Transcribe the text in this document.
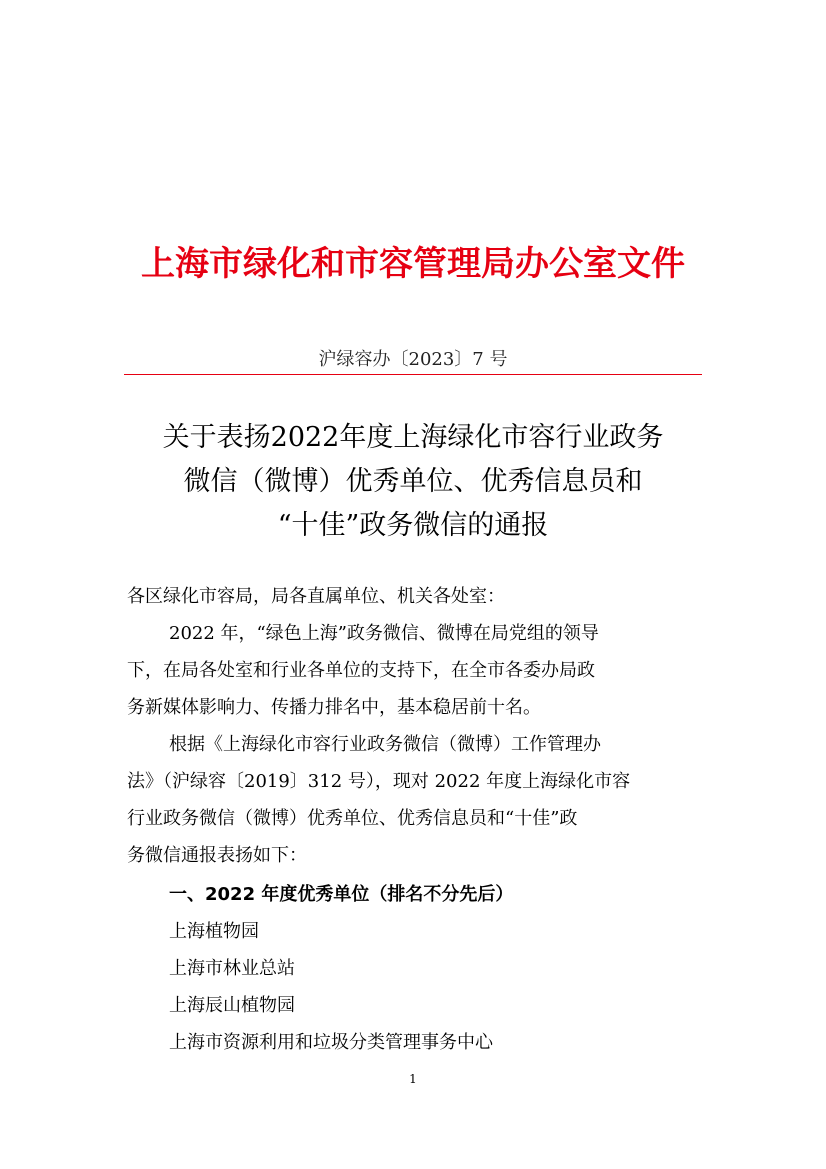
上海市绿化和市容管理局办公室文件
沪绿容办〔2023〕7 号
关于表扬2022年度上海绿化市容行业政务
微信（微博）优秀单位、优秀信息员和
“十佳”政务微信的通报

各区绿化市容局，局各直属单位、机关各处室：

2022 年，“绿色上海”政务微信、微博在局党组的领导

下，在局各处室和行业各单位的支持下，在全市各委办局政

务新媒体影响力、传播力排名中，基本稳居前十名。

根据《上海绿化市容行业政务微信（微博）工作管理办

法》（沪绿容〔2019〕312 号），现对 2022 年度上海绿化市容

行业政务微信（微博）优秀单位、优秀信息员和“十佳”政

务微信通报表扬如下：

一、2022 年度优秀单位（排名不分先后）

上海植物园

上海市林业总站

上海辰山植物园

上海市资源利用和垃圾分类管理事务中心

1
